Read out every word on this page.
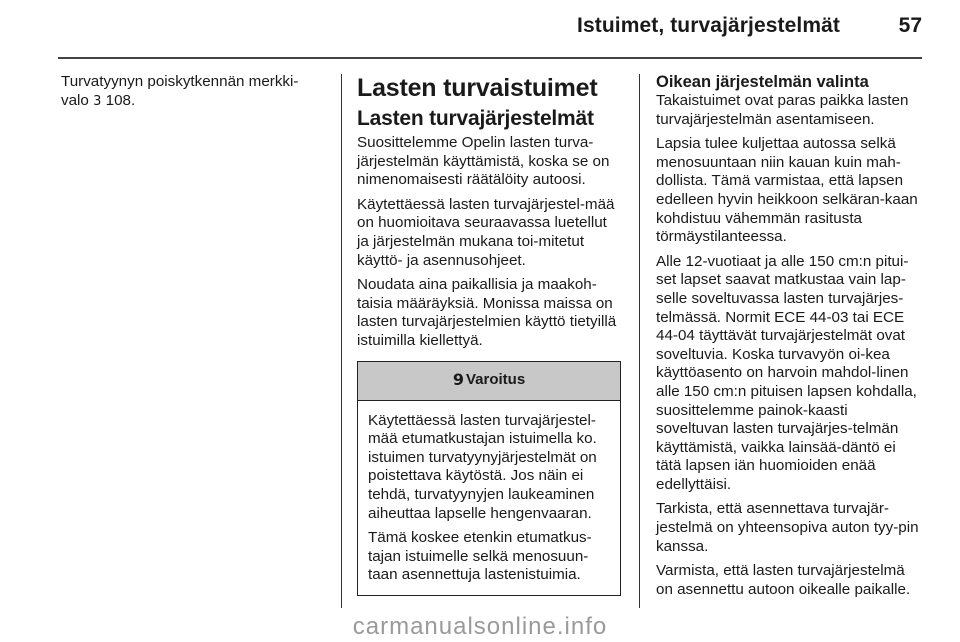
Istuimet, turvajärjestelmät	57

Turvatyynyn poiskytkennän merkki-
valo 3 108.	Lasten turvaistuimet
Lasten turvajärjestelmät

Suosittelemme Opelin lasten turva-järjestelmän käyttämistä, koska se on nimenomaisesti räätälöity autoosi.

Käytettäessä lasten turvajärjestel-mää on huomioitava seuraavassa luetellut ja järjestelmän mukana toi-mitetut käyttö- ja asennusohjeet.

Noudata aina paikallisia ja maakoh-taisia määräyksiä. Monissa maissa on lasten turvajärjestelmien käyttö tietyillä istuimilla kiellettyä.

9 Varoitus

Käytettäessä lasten turvajärjestel-mää etumatkustajan istuimella ko. istuimen turvatyynyjärjestelmät on poistettava käytöstä. Jos näin ei tehdä, turvatyynyjen laukeaminen aiheuttaa lapselle hengenvaaran.

Tämä koskee etenkin etumatkus-tajan istuimelle selkä menosuun-taan asennettuja lastenistuimia.

Oikean järjestelmän valinta

Takaistuimet ovat paras paikka lasten turvajärjestelmän asentamiseen.

Lapsia tulee kuljettaa autossa selkä menosuuntaan niin kauan kuin mah-dollista. Tämä varmistaa, että lapsen edelleen hyvin heikkoon selkäran-kaan kohdistuu vähemmän rasitusta törmäystilanteessa.

Alle 12-vuotiaat ja alle 150 cm:n pitui-set lapset saavat matkustaa vain lap-selle soveltuvassa lasten turvajärjes-telmässä. Normit ECE 44-03 tai ECE 44-04 täyttävät turvajärjestelmät ovat soveltuvia. Koska turvavyön oi-kea käyttöasento on harvoin mahdol-linen alle 150 cm:n pituisen lapsen kohdalla, suosittelemme painok-kaasti soveltuvan lasten turvajärjes-telmän käyttämistä, vaikka lainsää-däntö ei tätä lapsen iän huomioiden enää edellyttäisi.

Tarkista, että asennettava turvajär-jestelmä on yhteensopiva auton tyy-pin kanssa.

Varmista, että lasten turvajärjestelmä on asennettu autoon oikealle paikalle.

carmanualsonline.info
